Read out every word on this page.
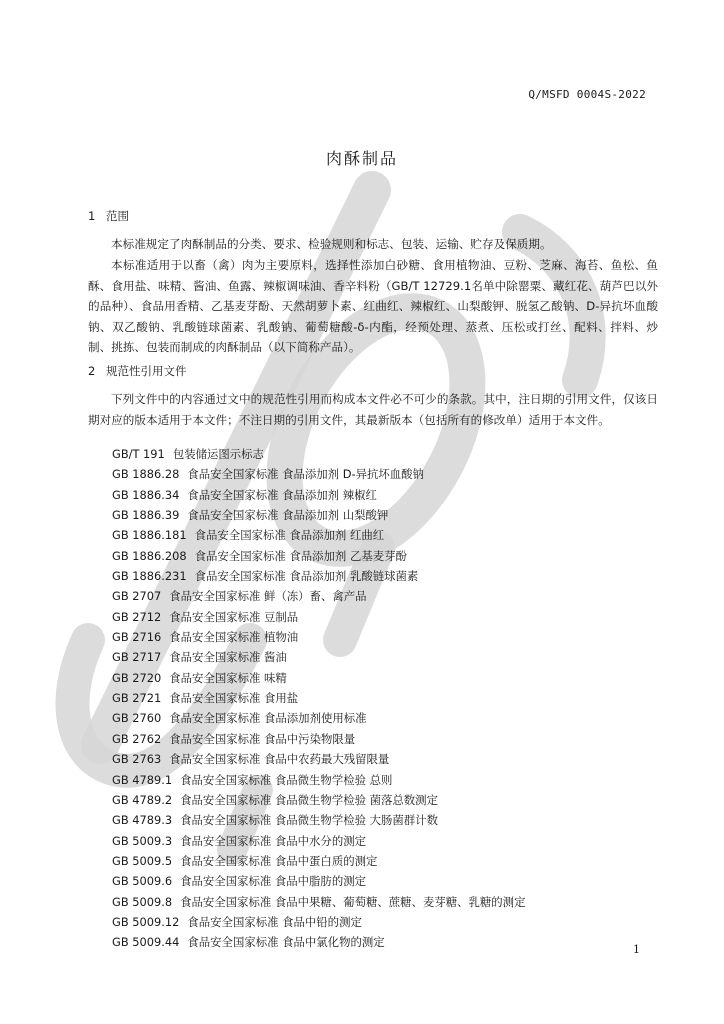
Q/MSFD 0004S-2022
肉酥制品
1 范围

本标准规定了肉酥制品的分类、要求、检验规则和标志、包装、运输、贮存及保质期。

本标准适用于以畜（禽）肉为主要原料，选择性添加白砂糖、食用植物油、豆粉、芝麻、海苔、鱼松、鱼酥、食用盐、味精、酱油、鱼露、辣椒调味油、香辛料粉（GB/T 12729.1名单中除罂粟、藏红花、葫芦巴以外的品种）、食品用香精、乙基麦芽酚、天然胡萝卜素、红曲红、辣椒红、山梨酸钾、脱氢乙酸钠、D-异抗坏血酸钠、双乙酸钠、乳酸链球菌素、乳酸钠、葡萄糖酸-δ-内酯，经预处理、蒸煮、压松或打丝、配料、拌料、炒制、挑拣、包装而制成的肉酥制品（以下简称产品）。

2 规范性引用文件

下列文件中的内容通过文中的规范性引用而构成本文件必不可少的条款。其中，注日期的引用文件，仅该日期对应的版本适用于本文件；不注日期的引用文件，其最新版本（包括所有的修改单）适用于本文件。

GB/T 191 包装储运图示标志
GB 1886.28 食品安全国家标准 食品添加剂 D-异抗坏血酸钠
GB 1886.34 食品安全国家标准 食品添加剂 辣椒红
GB 1886.39 食品安全国家标准 食品添加剂 山梨酸钾
GB 1886.181 食品安全国家标准 食品添加剂 红曲红
GB 1886.208 食品安全国家标准 食品添加剂 乙基麦芽酚
GB 1886.231 食品安全国家标准 食品添加剂 乳酸链球菌素
GB 2707 食品安全国家标准 鲜（冻）畜、禽产品
GB 2712 食品安全国家标准 豆制品
GB 2716 食品安全国家标准 植物油
GB 2717 食品安全国家标准 酱油
GB 2720 食品安全国家标准 味精
GB 2721 食品安全国家标准 食用盐
GB 2760 食品安全国家标准 食品添加剂使用标准
GB 2762 食品安全国家标准 食品中污染物限量
GB 2763 食品安全国家标准 食品中农药最大残留限量
GB 4789.1 食品安全国家标准 食品微生物学检验 总则
GB 4789.2 食品安全国家标准 食品微生物学检验 菌落总数测定
GB 4789.3 食品安全国家标准 食品微生物学检验 大肠菌群计数
GB 5009.3 食品安全国家标准 食品中水分的测定
GB 5009.5 食品安全国家标准 食品中蛋白质的测定
GB 5009.6 食品安全国家标准 食品中脂肪的测定
GB 5009.8 食品安全国家标准 食品中果糖、葡萄糖、蔗糖、麦芽糖、乳糖的测定
GB 5009.12 食品安全国家标准 食品中铅的测定
GB 5009.44 食品安全国家标准 食品中氯化物的测定
1
